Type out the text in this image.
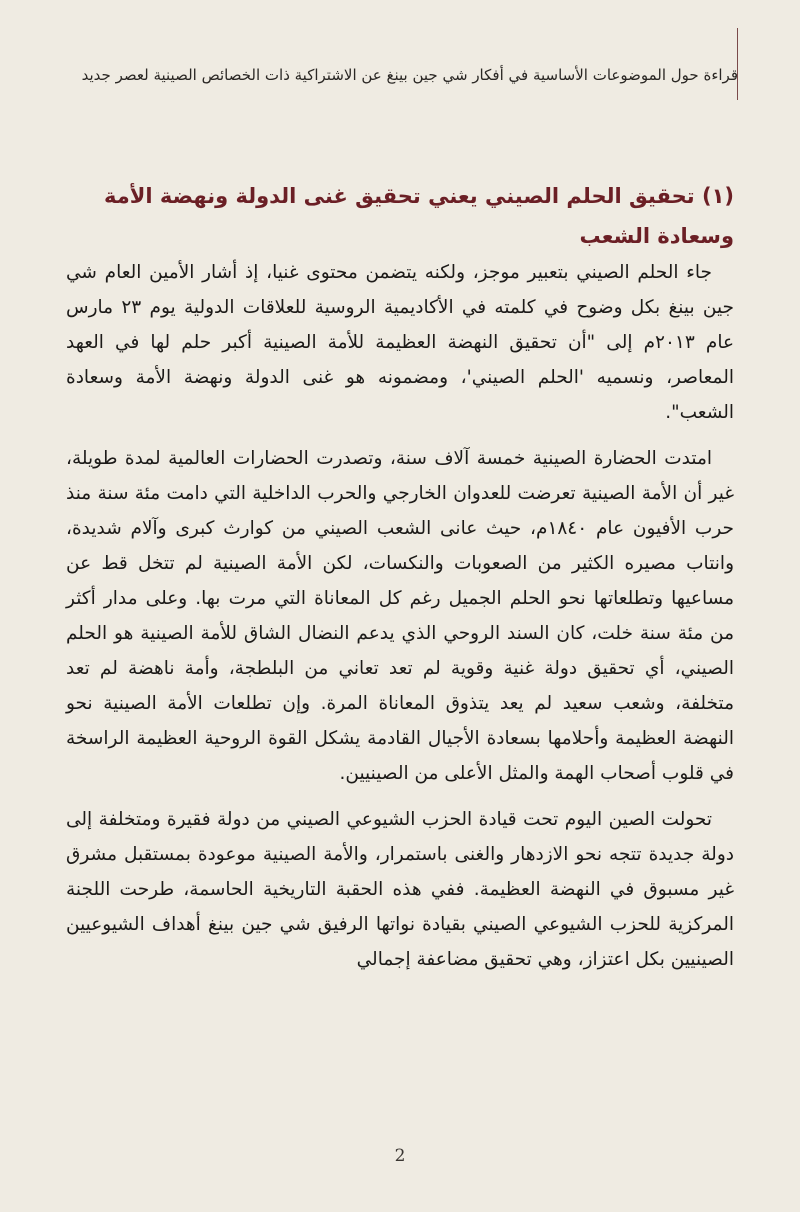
قراءة حول الموضوعات الأساسية في أفكار شي جين بينغ عن الاشتراكية ذات الخصائص الصينية لعصر جديد
(١) تحقيق الحلم الصيني يعني تحقيق غنى الدولة ونهضة الأمة وسعادة الشعب

جاء الحلم الصيني بتعبير موجز، ولكنه يتضمن محتوى غنيا، إذ أشار الأمين العام شي جين بينغ بكل وضوح في كلمته في الأكاديمية الروسية للعلاقات الدولية يوم ٢٣ مارس عام ٢٠١٣م إلى "أن تحقيق النهضة العظيمة للأمة الصينية أكبر حلم لها في العهد المعاصر، ونسميه 'الحلم الصيني'، ومضمونه هو غنى الدولة ونهضة الأمة وسعادة الشعب".

امتدت الحضارة الصينية خمسة آلاف سنة، وتصدرت الحضارات العالمية لمدة طويلة، غير أن الأمة الصينية تعرضت للعدوان الخارجي والحرب الداخلية التي دامت مئة سنة منذ حرب الأفيون عام ١٨٤٠م، حيث عانى الشعب الصيني من كوارث كبرى وآلام شديدة، وانتاب مصيره الكثير من الصعوبات والنكسات، لكن الأمة الصينية لم تتخل قط عن مساعيها وتطلعاتها نحو الحلم الجميل رغم كل المعاناة التي مرت بها. وعلى مدار أكثر من مئة سنة خلت، كان السند الروحي الذي يدعم النضال الشاق للأمة الصينية هو الحلم الصيني، أي تحقيق دولة غنية وقوية لم تعد تعاني من البلطجة، وأمة ناهضة لم تعد متخلفة، وشعب سعيد لم يعد يتذوق المعاناة المرة. وإن تطلعات الأمة الصينية نحو النهضة العظيمة وأحلامها بسعادة الأجيال القادمة يشكل القوة الروحية العظيمة الراسخة في قلوب أصحاب الهمة والمثل الأعلى من الصينيين.

تحولت الصين اليوم تحت قيادة الحزب الشيوعي الصيني من دولة فقيرة ومتخلفة إلى دولة جديدة تتجه نحو الازدهار والغنى باستمرار، والأمة الصينية موعودة بمستقبل مشرق غير مسبوق في النهضة العظيمة. ففي هذه الحقبة التاريخية الحاسمة، طرحت اللجنة المركزية للحزب الشيوعي الصيني بقيادة نواتها الرفيق شي جين بينغ أهداف الشيوعيين الصينيين بكل اعتزاز، وهي تحقيق مضاعفة إجمالي

2
